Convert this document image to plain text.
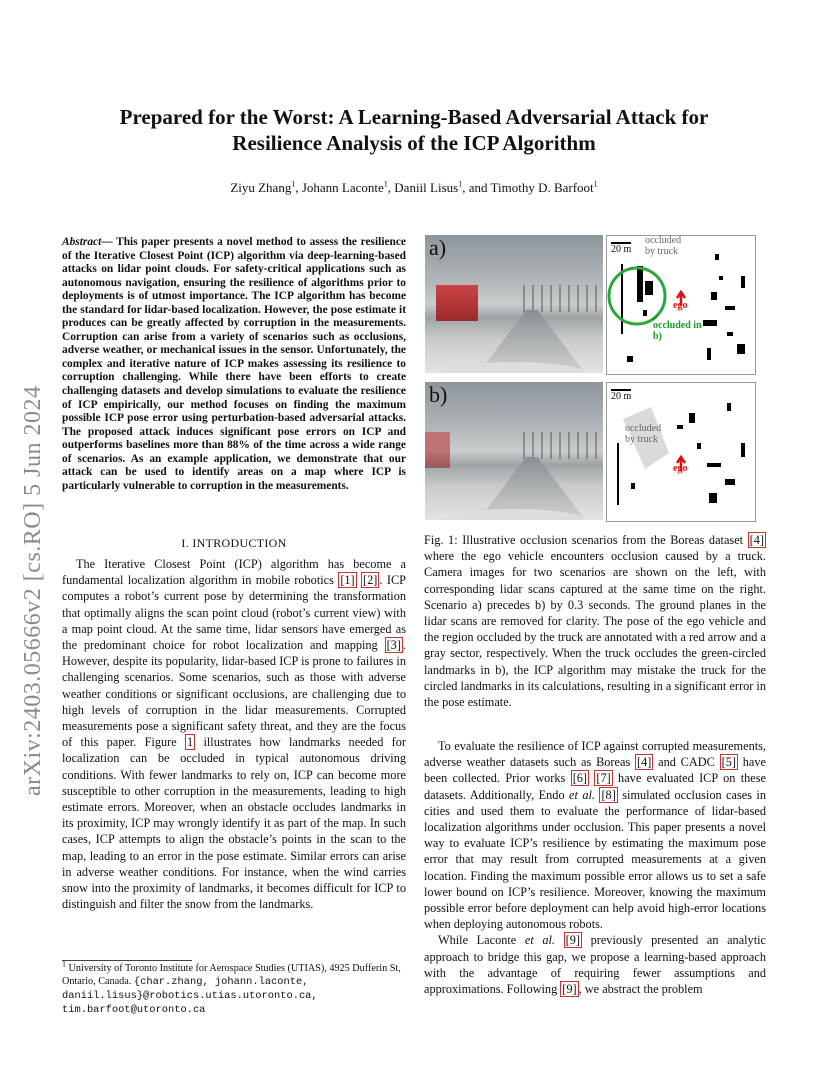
arXiv:2403.05666v2 [cs.RO] 5 Jun 2024
Prepared for the Worst: A Learning-Based Adversarial Attack for
Resilience Analysis of the ICP Algorithm
Ziyu Zhang$^1$, Johann Laconte$^1$, Daniil Lisus$^1$, and Timothy D. Barfoot$^1$
Abstract— This paper presents a novel method to assess the resilience of the Iterative Closest Point (ICP) algorithm via deep-learning-based attacks on lidar point clouds. For safety-critical applications such as autonomous navigation, ensuring the resilience of algorithms prior to deployments is of utmost importance. The ICP algorithm has become the standard for lidar-based localization. However, the pose estimate it produces can be greatly affected by corruption in the measurements. Corruption can arise from a variety of scenarios such as occlusions, adverse weather, or mechanical issues in the sensor. Unfortunately, the complex and iterative nature of ICP makes assessing its resilience to corruption challenging. While there have been efforts to create challenging datasets and develop simulations to evaluate the resilience of ICP empirically, our method focuses on finding the maximum possible ICP pose error using perturbation-based adversarial attacks. The proposed attack induces significant pose errors on ICP and outperforms baselines more than 88% of the time across a wide range of scenarios. As an example application, we demonstrate that our attack can be used to identify areas on a map where ICP is particularly vulnerable to corruption in the measurements.
I. INTRODUCTION

The Iterative Closest Point (ICP) algorithm has become a fundamental localization algorithm in mobile robotics [1] [2] . ICP computes a robot’s current pose by determining the transformation that optimally aligns the scan point cloud (robot’s current view) with a map point cloud. At the same time, lidar sensors have emerged as the predominant choice for robot localization and mapping [3] . However, despite its popularity, lidar-based ICP is prone to failures in challenging scenarios. Some scenarios, such as those with adverse weather conditions or significant occlusions, are challenging due to high levels of corruption in the lidar measurements. Corrupted measurements pose a significant safety threat, and they are the focus of this paper. Figure 1 illustrates how landmarks needed for localization can be occluded in typical autonomous driving conditions. With fewer landmarks to rely on, ICP can become more susceptible to other corruption in the measurements, leading to high estimate errors. Moreover, when an obstacle occludes landmarks in its proximity, ICP may wrongly identify it as part of the map. In such cases, ICP attempts to align the obstacle’s points in the scan to the map, leading to an error in the pose estimate. Similar errors can arise in adverse weather conditions. For instance, when the wind carries snow into the proximity of landmarks, it becomes difficult for ICP to distinguish and filter the snow from the landmarks.

$^1$ University of Toronto Institute for Aerospace Studies (UTIAS), 4925 Dufferin St, Ontario, Canada. {char.zhang, johann.laconte, daniil.lisus}@robotics.utias.utoronto.ca, tim.barfoot@utoronto.ca
a)	20 m
occluded by truck
ego
occluded in b)
b)	20 m
occluded by truck
ego
Fig. 1: Illustrative occlusion scenarios from the Boreas dataset [4] where the ego vehicle encounters occlusion caused by a truck. Camera images for two scenarios are shown on the left, with corresponding lidar scans captured at the same time on the right. Scenario a) precedes b) by 0.3 seconds. The ground planes in the lidar scans are removed for clarity. The pose of the ego vehicle and the region occluded by the truck are annotated with a red arrow and a gray sector, respectively. When the truck occludes the green-circled landmarks in b), the ICP algorithm may mistake the truck for the circled landmarks in its calculations, resulting in a significant error in the pose estimate.

To evaluate the resilience of ICP against corrupted measurements, adverse weather datasets such as Boreas [4] and CADC [5] have been collected. Prior works [6] [7] have evaluated ICP on these datasets. Additionally, Endo et al. [8] simulated occlusion cases in cities and used them to evaluate the performance of lidar-based localization algorithms under occlusion. This paper presents a novel way to evaluate ICP’s resilience by estimating the maximum pose error that may result from corrupted measurements at a given location. Finding the maximum possible error allows us to set a safe lower bound on ICP’s resilience. Moreover, knowing the maximum possible error before deployment can help avoid high-error locations when deploying autonomous robots.

While Laconte et al. [9] previously presented an analytic approach to bridge this gap, we propose a learning-based approach with the advantage of requiring fewer assumptions and approximations. Following [9] , we abstract the problem
